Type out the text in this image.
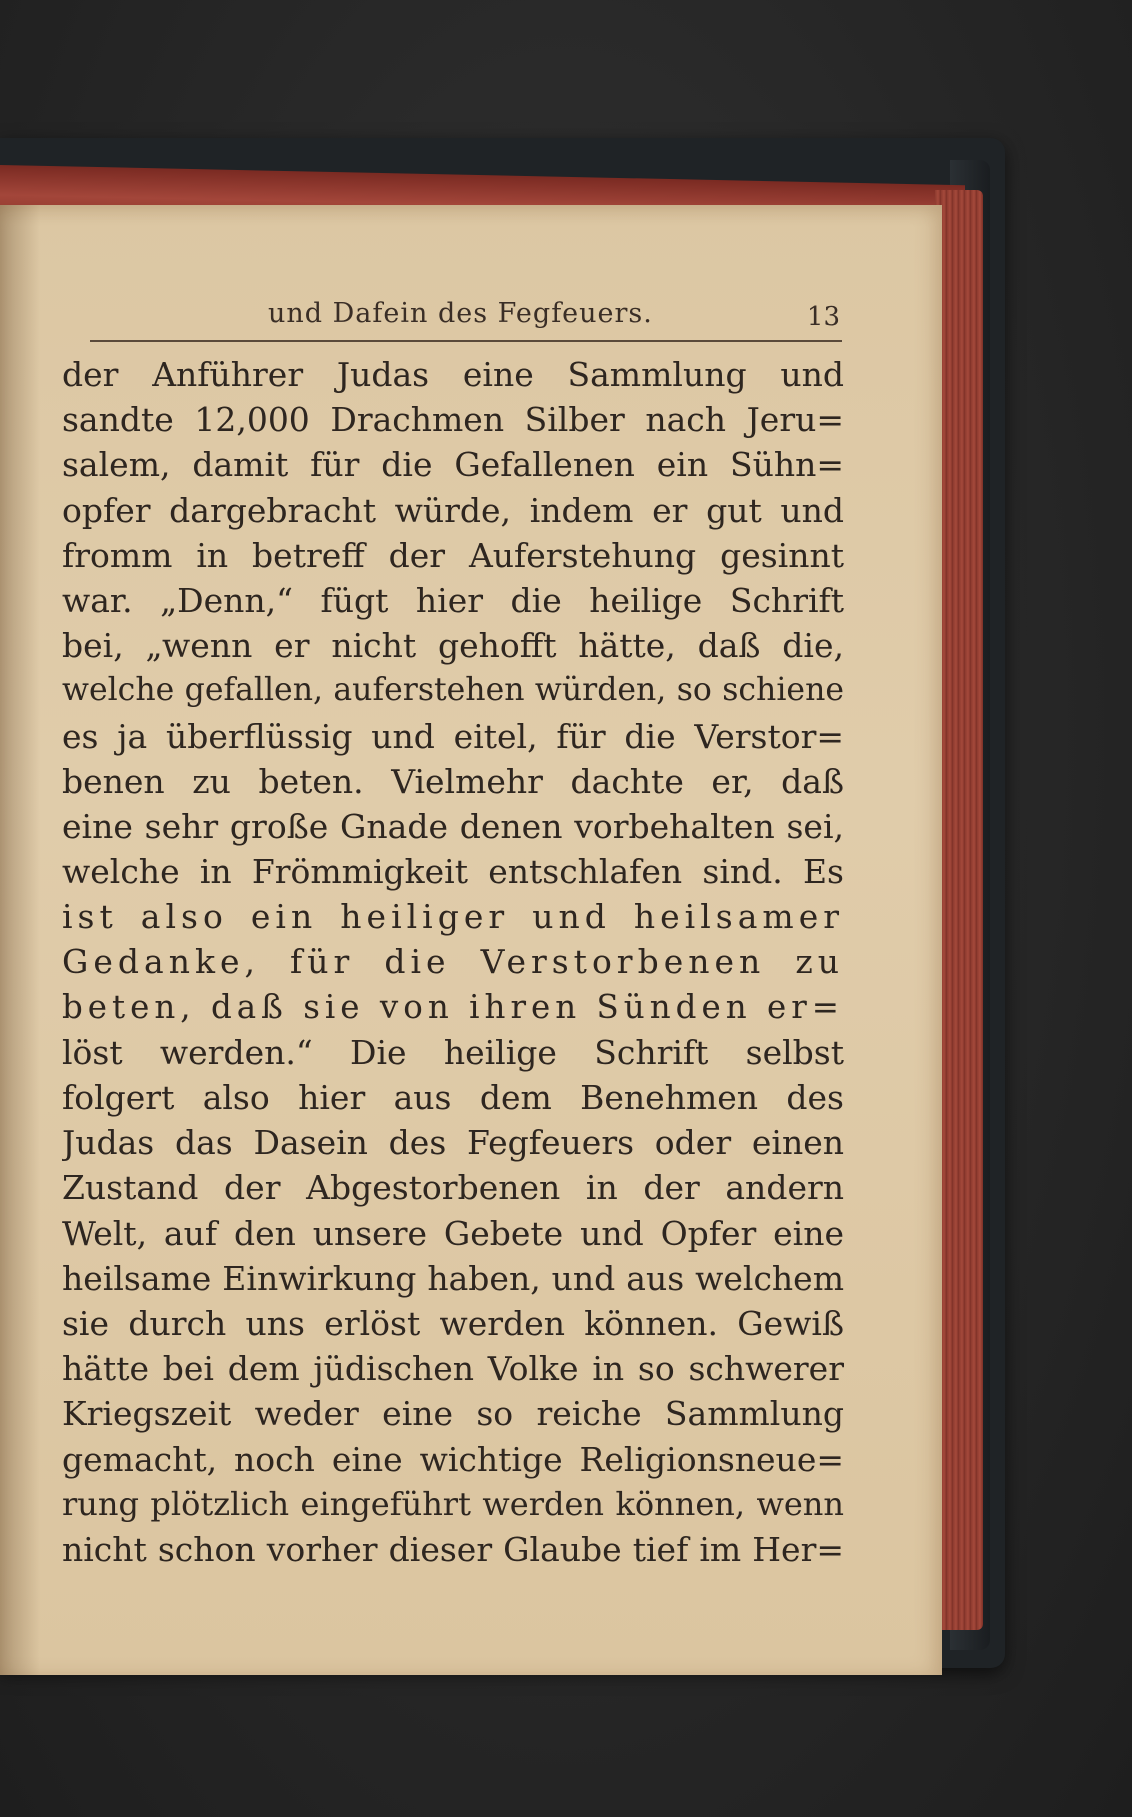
und Dafein des Fegfeuers.	13
der Anführer Judas eine Sammlung und
sandte 12,000 Drachmen Silber nach Jeru=
salem, damit für die Gefallenen ein Sühn=
opfer dargebracht würde, indem er gut und
fromm in betreff der Auferstehung gesinnt
war. „Denn,“ fügt hier die heilige Schrift
bei, „wenn er nicht gehofft hätte, daß die,
welche gefallen, auferstehen würden, so schiene
es ja überflüssig und eitel, für die Verstor=
benen zu beten. Vielmehr dachte er, daß
eine sehr große Gnade denen vorbehalten sei,
welche in Frömmigkeit entschlafen sind. Es
ist also ein heiliger und heilsamer
Gedanke, für die Verstorbenen zu
beten, daß sie von ihren Sünden er=
löst werden.“ Die heilige Schrift selbst
folgert also hier aus dem Benehmen des
Judas das Dasein des Fegfeuers oder einen
Zustand der Abgestorbenen in der andern
Welt, auf den unsere Gebete und Opfer eine
heilsame Einwirkung haben, und aus welchem
sie durch uns erlöst werden können. Gewiß
hätte bei dem jüdischen Volke in so schwerer
Kriegszeit weder eine so reiche Sammlung
gemacht, noch eine wichtige Religionsneue=
rung plötzlich eingeführt werden können, wenn
nicht schon vorher dieser Glaube tief im Her=
